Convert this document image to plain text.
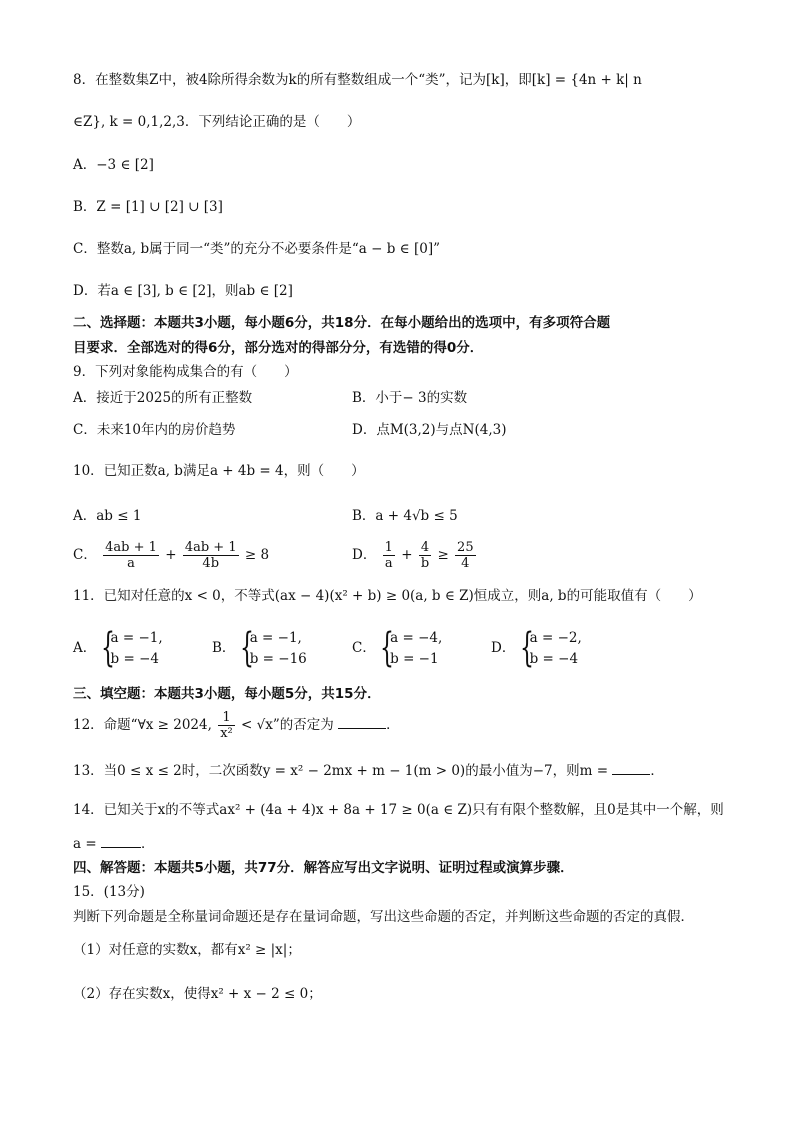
8．在整数集Z中，被4除所得余数为k的所有整数组成一个“类”，记为[k]，即[k] = {4n + k| n
∈Z}, k = 0,1,2,3．下列结论正确的是（　　）
A．−3 ∈ [2]
B．Z = [1] ∪ [2] ∪ [3]
C．整数a, b属于同一“类”的充分不必要条件是“a − b ∈ [0]”
D．若a ∈ [3], b ∈ [2]，则ab ∈ [2]
二、选择题：本题共3小题，每小题6分，共18分．在每小题给出的选项中，有多项符合题
目要求．全部选对的得6分，部分选对的得部分分，有选错的得0分．
9．下列对象能构成集合的有（　　）
A．接近于2025的所有正整数	B．小于− 3的实数
C．未来10年内的房价趋势	D．点M(3,2)与点N(4,3)
10．已知正数a, b满足a + 4b = 4，则（　　）
A．ab ≤ 1	B．a + 4√b ≤ 5
C． $\frac{4ab + 1}{a} + \frac{4ab + 1}{4b} \ge 8$	D． $\frac{1}{a} + \frac{4}{b} \ge \frac{25}{4}$
11．已知对任意的x < 0，不等式(ax − 4)(x² + b) ≥ 0(a, b ∈ Z)恒成立，则a, b的可能取值有（　　）
A． {
a = −1,
b = −4
B． {
a = −1,
b = −16
C． {
a = −4,
b = −1
D． {
a = −2,
b = −4
三、填空题：本题共3小题，每小题5分，共15分．
12．命题“∀x ≥ 2024, $\frac{1}{\text{x²}} < √x$”的否定为	．
13．当0 ≤ x ≤ 2时，二次函数y = x² − 2mx + m − 1(m > 0)的最小值为−7，则m =	．
14．已知关于x的不等式ax² + (4a + 4)x + 8a + 17 ≥ 0(a ∈ Z)只有有限个整数解，且0是其中一个解，则
a =	．
四、解答题：本题共5小题，共77分．解答应写出文字说明、证明过程或演算步骤．
15．(13分)
判断下列命题是全称量词命题还是存在量词命题，写出这些命题的否定，并判断这些命题的否定的真假．
（1）对任意的实数x，都有x² ≥ |x|；
（2）存在实数x，使得x² + x − 2 ≤ 0；
